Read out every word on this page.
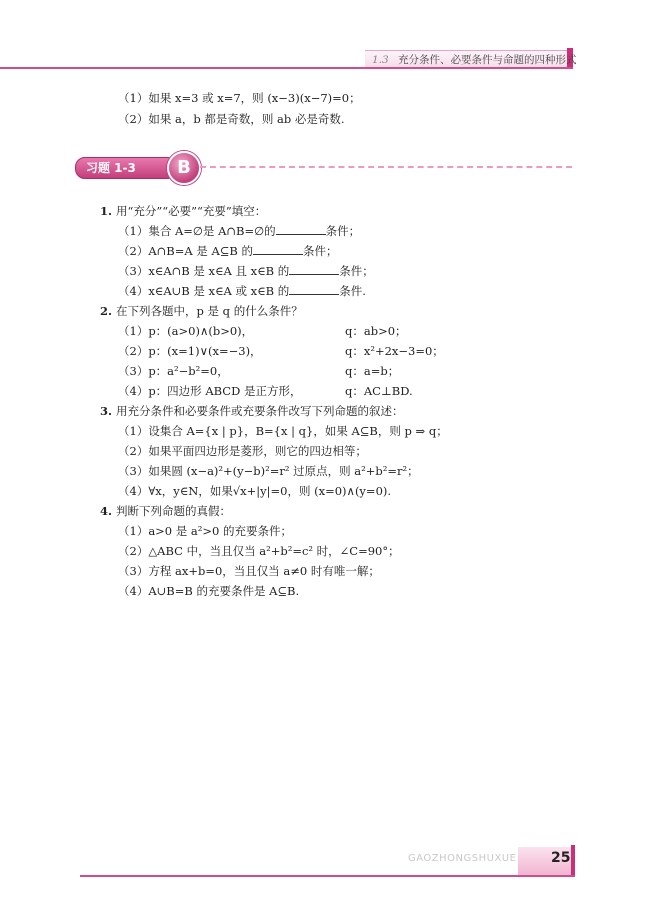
1.3 充分条件、必要条件与命题的四种形式
（1）如果 x=3 或 x=7，则 (x−3)(x−7)=0；
（2）如果 a，b 都是奇数，则 ab 必是奇数.
习题 1-3	B
1. 用“充分”“必要”“充要”填空：
（1）集合 A=∅是 A∩B=∅的	条件；
（2）A∩B=A 是 A⊆B 的	条件；
（3）x∈A∩B 是 x∈A 且 x∈B 的	条件；
（4）x∈A∪B 是 x∈A 或 x∈B 的	条件.
2. 在下列各题中，p 是 q 的什么条件？
（1）p：(a>0)∧(b>0)，	q：ab>0；
（2）p：(x=1)∨(x=−3)，	q：x²+2x−3=0；
（3）p：a²−b²=0，	q：a=b；
（4）p：四边形 ABCD 是正方形，	q：AC⊥BD.
3. 用充分条件和必要条件或充要条件改写下列命题的叙述：
（1）设集合 A={x | p}，B={x | q}，如果 A⊆B，则 p ⇒ q；
（2）如果平面四边形是菱形，则它的四边相等；
（3）如果圆 (x−a)²+(y−b)²=r² 过原点，则 a²+b²=r²；
（4）∀x，y∈N，如果√x+|y|=0，则 (x=0)∧(y=0).
4. 判断下列命题的真假：
（1）a>0 是 a²>0 的充要条件；
（2）△ABC 中，当且仅当 a²+b²=c² 时，∠C=90°；
（3）方程 ax+b=0，当且仅当 a≠0 时有唯一解；
（4）A∪B=B 的充要条件是 A⊆B.
GAOZHONGSHUXUE 25
